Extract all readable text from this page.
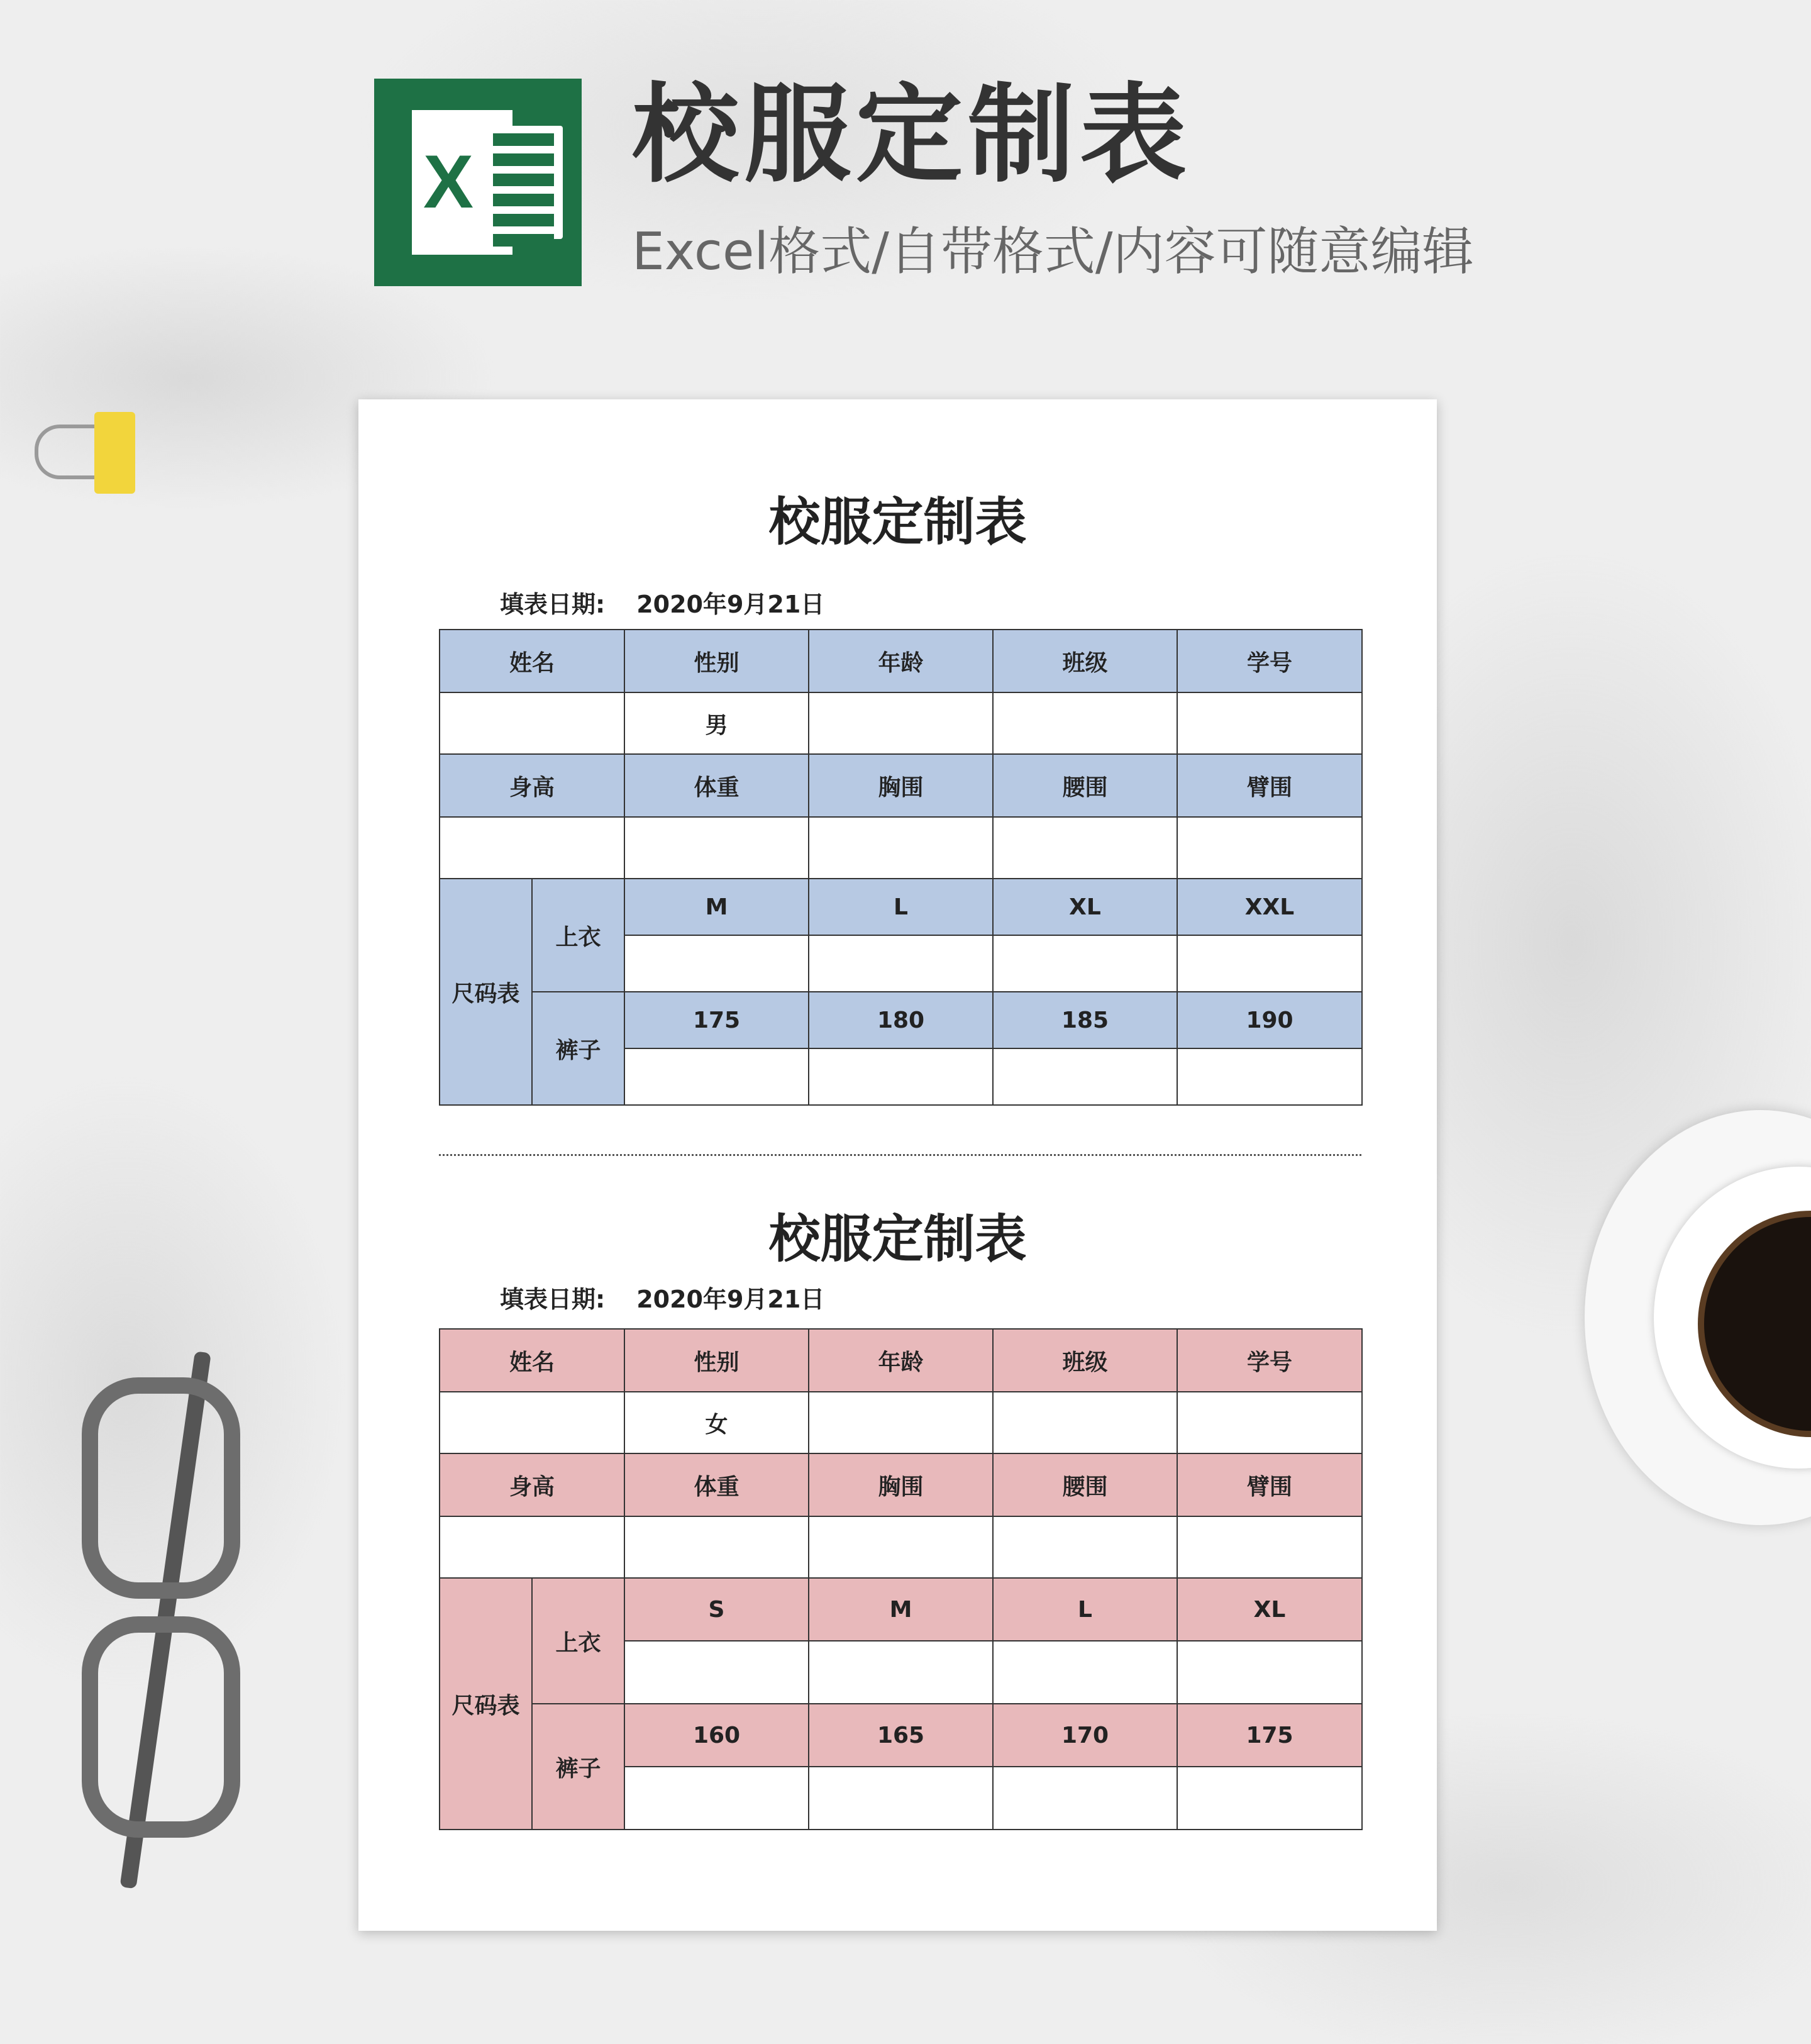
X 校服定制表
Excel格式/自带格式/内容可随意编辑
校服定制表
填表日期: 2020年9月21日
姓名		性别	年龄	班级	学号
		男			
身高		体重	胸围	腰围	臂围

尺码表	上衣	M	L	XL	XXL

	裤子	175	180	185	190

校服定制表
填表日期: 2020年9月21日
姓名		性别	年龄	班级	学号
		女			
身高		体重	胸围	腰围	臂围

尺码表	上衣	S	M	L	XL

	裤子	160	165	170	175
